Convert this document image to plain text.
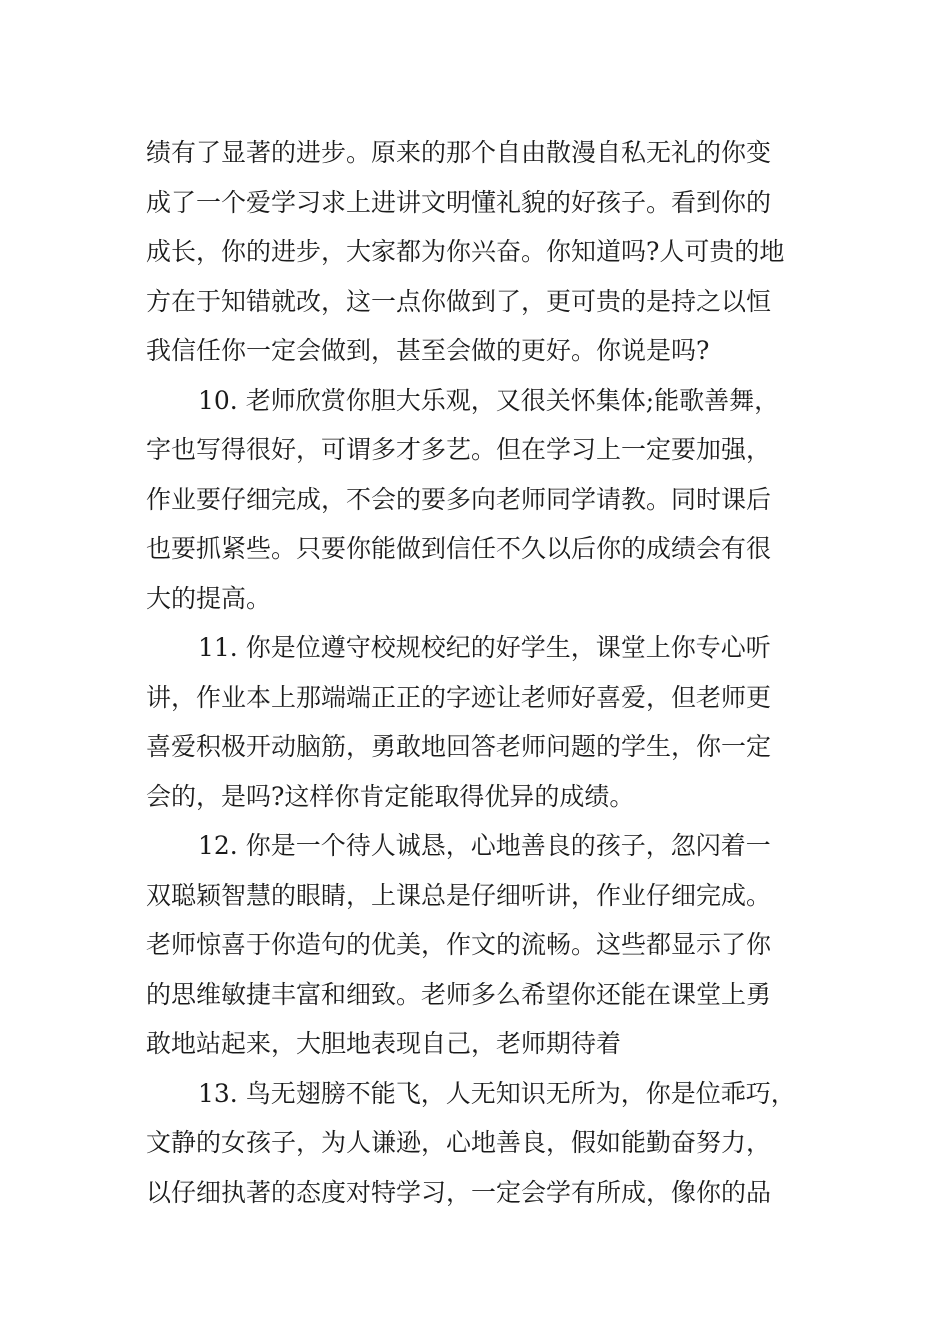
绩有了显著的进步。原来的那个自由散漫自私无礼的你变
成了一个爱学习求上进讲文明懂礼貌的好孩子。看到你的
成长，你的进步，大家都为你兴奋。你知道吗?人可贵的地
方在于知错就改，这一点你做到了，更可贵的是持之以恒
我信任你一定会做到，甚至会做的更好。你说是吗?
10. 老师欣赏你胆大乐观，又很关怀集体;能歌善舞，
字也写得很好，可谓多才多艺。但在学习上一定要加强，
作业要仔细完成，不会的要多向老师同学请教。同时课后
也要抓紧些。只要你能做到信任不久以后你的成绩会有很
大的提高。
11. 你是位遵守校规校纪的好学生，课堂上你专心听
讲，作业本上那端端正正的字迹让老师好喜爱，但老师更
喜爱积极开动脑筋，勇敢地回答老师问题的学生，你一定
会的，是吗?这样你肯定能取得优异的成绩。
12. 你是一个待人诚恳，心地善良的孩子，忽闪着一
双聪颖智慧的眼睛，上课总是仔细听讲，作业仔细完成。
老师惊喜于你造句的优美，作文的流畅。这些都显示了你
的思维敏捷丰富和细致。老师多么希望你还能在课堂上勇
敢地站起来，大胆地表现自己，老师期待着
13. 鸟无翅膀不能飞，人无知识无所为，你是位乖巧，
文静的女孩子，为人谦逊，心地善良，假如能勤奋努力，
以仔细执著的态度对特学习，一定会学有所成，像你的品
